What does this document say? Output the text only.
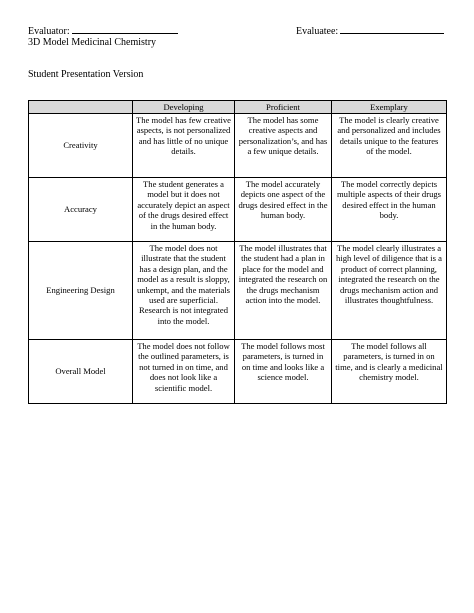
Evaluator:	Evaluatee:
3D Model Medicinal Chemistry
Student Presentation Version
	Developing	Proficient	Exemplary
Creativity	The model has few creative aspects, is not personalized and has little of no unique details.	The model has some creative aspects and personalization’s, and has a few unique details.	The model is clearly creative and personalized and includes details unique to the features of the model.
Accuracy	The student generates a model but it does not accurately depict an aspect of the drugs desired effect in the human body.	The model accurately depicts one aspect of the drugs desired effect in the human body.	The model correctly depicts multiple aspects of their drugs desired effect in the human body.
Engineering Design	The model does not illustrate that the student has a design plan, and the model as a result is sloppy, unkempt, and the materials used are superficial. Research is not integrated into the model.	The model illustrates that the student had a plan in place for the model and integrated the research on the drugs mechanism action into the model.	The model clearly illustrates a high level of diligence that is a product of correct planning, integrated the research on the drugs mechanism action and illustrates thoughtfulness.
Overall Model	The model does not follow the outlined parameters, is not turned in on time, and does not look like a scientific model.	The model follows most parameters, is turned in on time and looks like a science model.	The model follows all parameters, is turned in on time, and is clearly a medicinal chemistry model.
